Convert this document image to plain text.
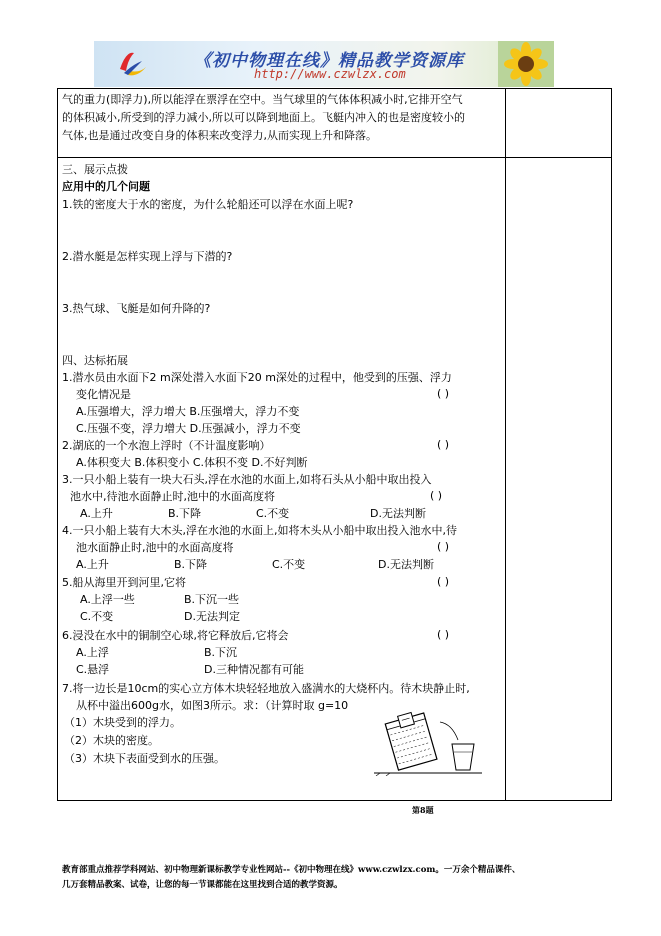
《初中物理在线》精品教学资源库
http://www.czwlzx.com
气的重力(即浮力),所以能浮在票浮在空中。当气球里的气体体积减小时,它排开空气
的体积减小,所受到的浮力减小,所以可以降到地面上。飞艇内冲入的也是密度较小的
气体,也是通过改变自身的体积来改变浮力,从而实现上升和降落。
三、展示点拨
应用中的几个问题
1.铁的密度大于水的密度，为什么轮船还可以浮在水面上呢?
2.潜水艇是怎样实现上浮与下潜的?
3.热气球、飞艇是如何升降的?
四、达标拓展
1.潜水员由水面下2 m深处潜入水面下20 m深处的过程中，他受到的压强、浮力
变化情况是	( )
A.压强增大，浮力增大 B.压强增大，浮力不变
C.压强不变，浮力增大 D.压强减小，浮力不变
2.湖底的一个水泡上浮时（不计温度影响）	( )
A.体积变大 B.体积变小 C.体积不变 D.不好判断
3.一只小船上装有一块大石头,浮在水池的水面上,如将石头从小船中取出投入
池水中,待池水面静止时,池中的水面高度将	( )
A.上升	B.下降	C.不变	D.无法判断
4.一只小船上装有大木头,浮在水池的水面上,如将木头从小船中取出投入池水中,待
池水面静止时,池中的水面高度将	( )
A.上升	B.下降	C.不变	D.无法判断
5.船从海里开到河里,它将	( )
A.上浮一些	B.下沉一些
C.不变	D.无法判定
6.浸没在水中的铜制空心球,将它释放后,它将会	( )
A.上浮	B.下沉
C.悬浮	D.三种情况都有可能
7.将一边长是10cm的实心立方体木块轻轻地放入盛满水的大烧杯内。待木块静止时,
从杯中溢出600g水，如图3所示。求：（计算时取 g=10
（1）木块受到的浮力。
（2）木块的密度。
（3）木块下表面受到水的压强。
第8题
教育部重点推荐学科网站、初中物理新课标教学专业性网站--《初中物理在线》www.czwlzx.com。一万余个精品课件、
几万套精品教案、试卷，让您的每一节课都能在这里找到合适的教学资源。
